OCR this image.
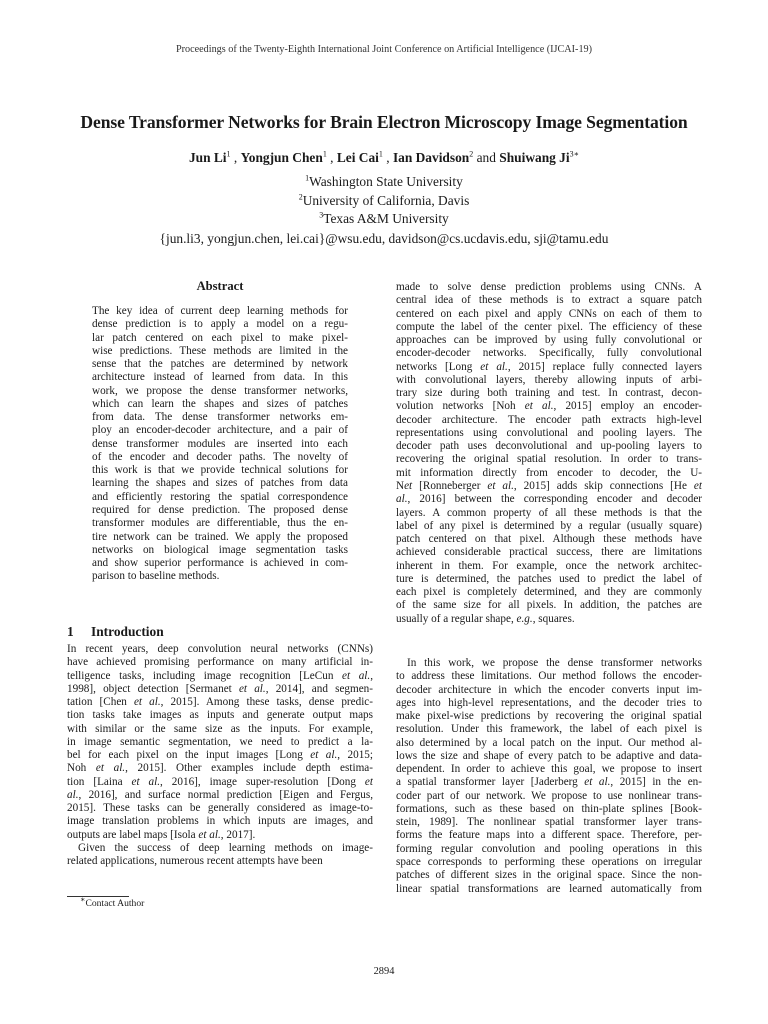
Proceedings of the Twenty-Eighth International Joint Conference on Artificial Intelligence (IJCAI-19)
Dense Transformer Networks for Brain Electron Microscopy Image Segmentation
Jun Li$^1$ , Yongjun Chen$^1$ , Lei Cai$^1$ , Ian Davidson$^2$ and Shuiwang $Ji^{3∗}$
$^1$Washington State University
$^2$University of California, Davis
$^3$Texas A&M University
{jun.li3, yongjun.chen, lei.cai}@wsu.edu, davidson@cs.ucdavis.edu, sji@tamu.edu
Abstract
The key idea of current deep learning methods for
dense prediction is to apply a model on a regu-
lar patch centered on each pixel to make pixel-
wise predictions. These methods are limited in the
sense that the patches are determined by network
architecture instead of learned from data. In this
work, we propose the dense transformer networks,
which can learn the shapes and sizes of patches
from data. The dense transformer networks em-
ploy an encoder-decoder architecture, and a pair of
dense transformer modules are inserted into each
of the encoder and decoder paths. The novelty of
this work is that we provide technical solutions for
learning the shapes and sizes of patches from data
and efficiently restoring the spatial correspondence
required for dense prediction. The proposed dense
transformer modules are differentiable, thus the en-
tire network can be trained. We apply the proposed
networks on biological image segmentation tasks
and show superior performance is achieved in com-
parison to baseline methods.
1 Introduction
In recent years, deep convolution neural networks (CNNs)
have achieved promising performance on many artificial in-
telligence tasks, including image recognition [LeCun et al.,
1998], object detection [Sermanet et al., 2014], and segmen-
tation [Chen et al., 2015]. Among these tasks, dense predic-
tion tasks take images as inputs and generate output maps
with similar or the same size as the inputs. For example,
in image semantic segmentation, we need to predict a la-
bel for each pixel on the input images [Long et al., 2015;
Noh et al., 2015]. Other examples include depth estima-
tion [Laina et al., 2016], image super-resolution [Dong et
al., 2016], and surface normal prediction [Eigen and Fergus,
2015]. These tasks can be generally considered as image-to-
image translation problems in which inputs are images, and
outputs are label maps [Isola et al., 2017].
Given the success of deep learning methods on image-
related applications, numerous recent attempts have been
made to solve dense prediction problems using CNNs. A
central idea of these methods is to extract a square patch
centered on each pixel and apply CNNs on each of them to
compute the label of the center pixel. The efficiency of these
approaches can be improved by using fully convolutional or
encoder-decoder networks. Specifically, fully convolutional
networks [Long et al., 2015] replace fully connected layers
with convolutional layers, thereby allowing inputs of arbi-
trary size during both training and test. In contrast, decon-
volution networks [Noh et al., 2015] employ an encoder-
decoder architecture. The encoder path extracts high-level
representations using convolutional and pooling layers. The
decoder path uses deconvolutional and up-pooling layers to
recovering the original spatial resolution. In order to trans-
mit information directly from encoder to decoder, the U-
Net [Ronneberger et al., 2015] adds skip connections [He et
al., 2016] between the corresponding encoder and decoder
layers. A common property of all these methods is that the
label of any pixel is determined by a regular (usually square)
patch centered on that pixel. Although these methods have
achieved considerable practical success, there are limitations
inherent in them. For example, once the network architec-
ture is determined, the patches used to predict the label of
each pixel is completely determined, and they are commonly
of the same size for all pixels. In addition, the patches are
usually of a regular shape, e.g., squares.
In this work, we propose the dense transformer networks
to address these limitations. Our method follows the encoder-
decoder architecture in which the encoder converts input im-
ages into high-level representations, and the decoder tries to
make pixel-wise predictions by recovering the original spatial
resolution. Under this framework, the label of each pixel is
also determined by a local patch on the input. Our method al-
lows the size and shape of every patch to be adaptive and data-
dependent. In order to achieve this goal, we propose to insert
a spatial transformer layer [Jaderberg et al., 2015] in the en-
coder part of our network. We propose to use nonlinear trans-
formations, such as these based on thin-plate splines [Book-
stein, 1989]. The nonlinear spatial transformer layer trans-
forms the feature maps into a different space. Therefore, per-
forming regular convolution and pooling operations in this
space corresponds to performing these operations on irregular
patches of different sizes in the original space. Since the non-
linear spatial transformations are learned automatically from
∗Contact Author
2894
